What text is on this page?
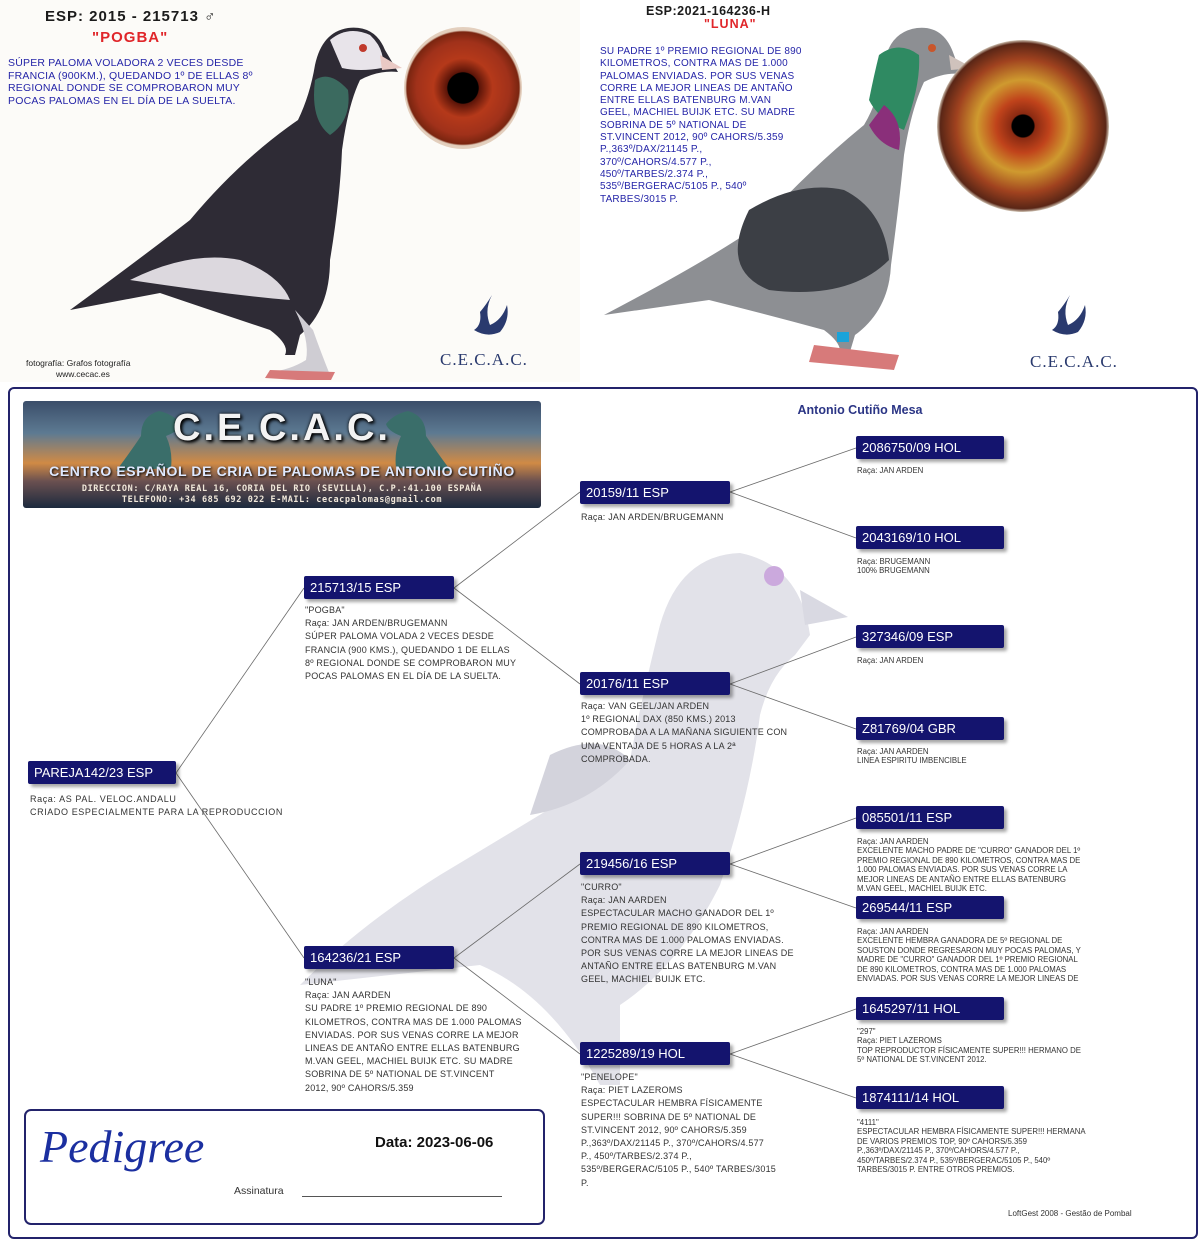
ESP: 2015 - 215713 ♂
"POGBA"
SÚPER PALOMA VOLADORA 2 VECES DESDE
FRANCIA (900KM.), QUEDANDO 1º DE ELLAS 8º
REGIONAL DONDE SE COMPROBARON MUY
POCAS PALOMAS EN EL DÍA DE LA SUELTA.
C.E.C.A.C.
fotografía: Grafos fotografía
www.cecac.es
ESP:2021-164236-H
"LUNA"
SU PADRE 1º PREMIO REGIONAL DE 890
KILOMETROS, CONTRA MAS DE 1.000
PALOMAS ENVIADAS. POR SUS VENAS
CORRE LA MEJOR LINEAS DE ANTAÑO
ENTRE ELLAS BATENBURG M.VAN
GEEL, MACHIEL BUIJK ETC. SU MADRE
SOBRINA DE 5º NATIONAL DE
ST.VINCENT 2012, 90º CAHORS/5.359
P.,363º/DAX/21145 P.,
370º/CAHORS/4.577 P.,
450º/TARBES/2.374 P.,
535º/BERGERAC/5105 P., 540º
TARBES/3015 P.
C.E.C.A.C.
C.E.C.A.C.
CENTRO ESPAÑOL DE CRIA DE PALOMAS DE ANTONIO CUTIÑO
DIRECCION: C/RAYA REAL 16, CORIA DEL RIO (SEVILLA), C.P.:41.100 ESPAÑA
TELEFONO: +34 685 692 022 E-MAIL: cecacpalomas@gmail.com
Antonio Cutiño Mesa
PAREJA142/23 ESP
Raça: AS PAL. VELOC.ANDALU
CRIADO ESPECIALMENTE PARA LA REPRODUCCION
215713/15 ESP
"POGBA"
Raça: JAN ARDEN/BRUGEMANN
SÚPER PALOMA VOLADA 2 VECES DESDE
FRANCIA (900 KMS.), QUEDANDO 1 DE ELLAS
8º REGIONAL DONDE SE COMPROBARON MUY
POCAS PALOMAS EN EL DÍA DE LA SUELTA.
164236/21 ESP
"LUNA"
Raça: JAN AARDEN
SU PADRE 1º PREMIO REGIONAL DE 890
KILOMETROS, CONTRA MAS DE 1.000 PALOMAS
ENVIADAS. POR SUS VENAS CORRE LA MEJOR
LINEAS DE ANTAÑO ENTRE ELLAS BATENBURG
M.VAN GEEL, MACHIEL BUIJK ETC. SU MADRE
SOBRINA DE 5º NATIONAL DE ST.VINCENT
2012, 90º CAHORS/5.359
20159/11 ESP
Raça: JAN ARDEN/BRUGEMANN
20176/11 ESP
Raça: VAN GEEL/JAN ARDEN
1º REGIONAL DAX (850 KMS.) 2013
COMPROBADA A LA MAÑANA SIGUIENTE CON
UNA VENTAJA DE 5 HORAS A LA 2ª
COMPROBADA.
219456/16 ESP
"CURRO"
Raça: JAN AARDEN
ESPECTACULAR MACHO GANADOR DEL 1º
PREMIO REGIONAL DE 890 KILOMETROS,
CONTRA MAS DE 1.000 PALOMAS ENVIADAS.
POR SUS VENAS CORRE LA MEJOR LINEAS DE
ANTAÑO ENTRE ELLAS BATENBURG M.VAN
GEEL, MACHIEL BUIJK ETC.
1225289/19 HOL
"PENELOPE"
Raça: PIET LAZEROMS
ESPECTACULAR HEMBRA FÍSICAMENTE
SUPER!!! SOBRINA DE 5º NATIONAL DE
ST.VINCENT 2012, 90º CAHORS/5.359
P.,363º/DAX/21145 P., 370º/CAHORS/4.577
P., 450º/TARBES/2.374 P.,
535º/BERGERAC/5105 P., 540º TARBES/3015
P.
2086750/09 HOL
Raça: JAN ARDEN
2043169/10 HOL
Raça: BRUGEMANN
100% BRUGEMANN
327346/09 ESP
Raça: JAN ARDEN
Z81769/04 GBR
Raça: JAN AARDEN
LINEA ESPIRITU IMBENCIBLE
085501/11 ESP
Raça: JAN AARDEN
EXCELENTE MACHO PADRE DE "CURRO" GANADOR DEL 1º
PREMIO REGIONAL DE 890 KILOMETROS, CONTRA MAS DE
1.000 PALOMAS ENVIADAS. POR SUS VENAS CORRE LA
MEJOR LINEAS DE ANTAÑO ENTRE ELLAS BATENBURG
M.VAN GEEL, MACHIEL BUIJK ETC.
269544/11 ESP
Raça: JAN AARDEN
EXCELENTE HEMBRA GANADORA DE 5º REGIONAL DE
SOUSTON DONDE REGRESARON MUY POCAS PALOMAS, Y
MADRE DE "CURRO" GANADOR DEL 1º PREMIO REGIONAL
DE 890 KILOMETROS, CONTRA MAS DE 1.000 PALOMAS
ENVIADAS. POR SUS VENAS CORRE LA MEJOR LINEAS DE
1645297/11 HOL
"297"
Raça: PIET LAZEROMS
TOP REPRODUCTOR FÍSICAMENTE SUPER!!! HERMANO DE
5º NATIONAL DE ST.VINCENT 2012.
1874111/14 HOL
"4111"
ESPECTACULAR HEMBRA FÍSICAMENTE SUPER!!! HERMANA
DE VARIOS PREMIOS TOP, 90º CAHORS/5.359
P.,363º/DAX/21145 P., 370º/CAHORS/4.577 P.,
450º/TARBES/2.374 P., 535º/BERGERAC/5105 P., 540º
TARBES/3015 P. ENTRE OTROS PREMIOS.
Pedigree	Data: 2023-06-06
Assinatura
LoftGest 2008 - Gestão de Pombal
